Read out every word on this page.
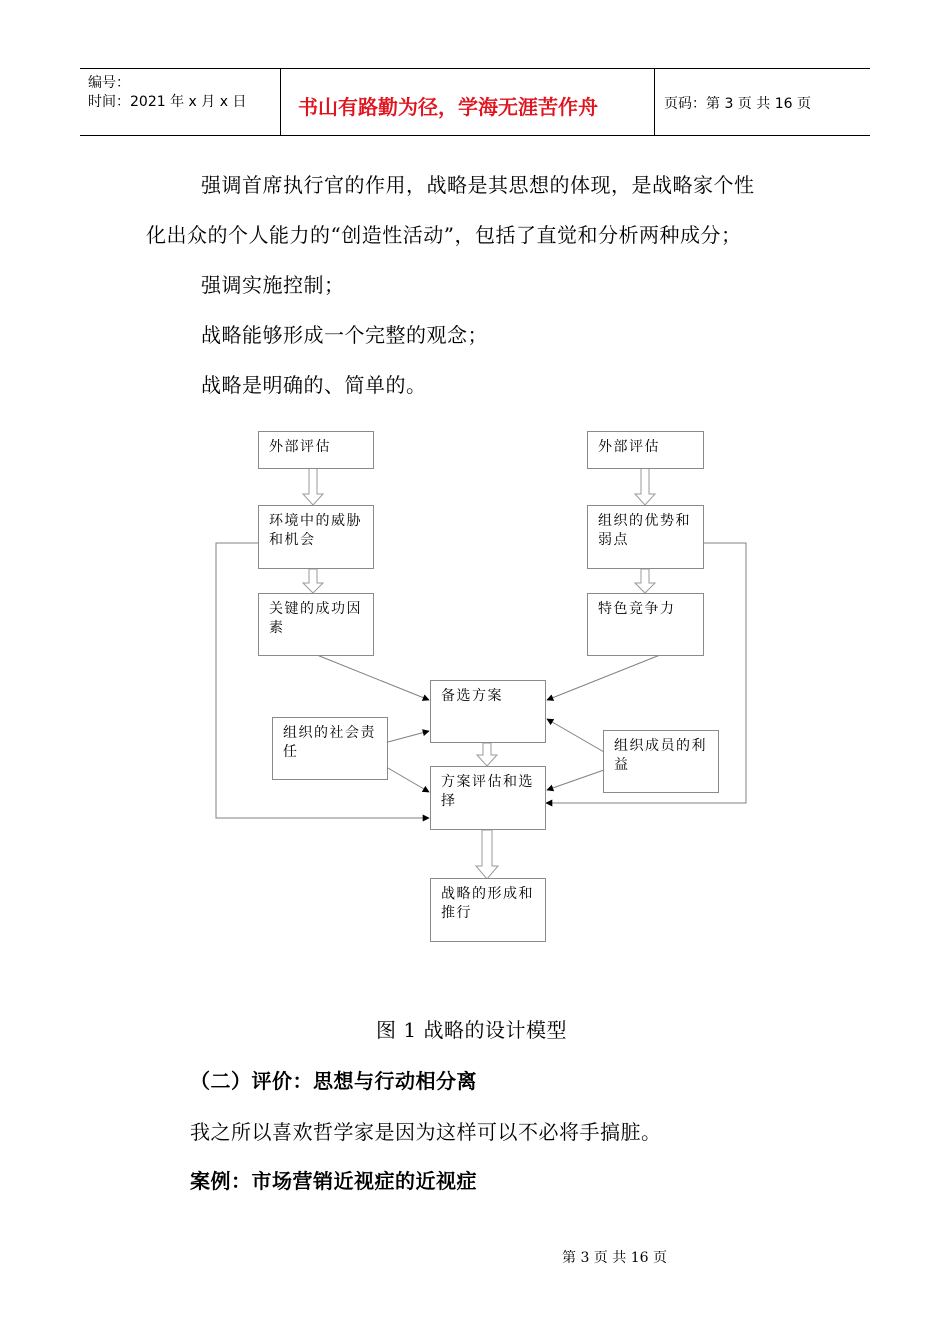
编号：
时间：2021 年 x 月 x 日	书山有路勤为径，学海无涯苦作舟	页码：第 3 页 共 16 页
强调首席执行官的作用，战略是其思想的体现，是战略家个性
化出众的个人能力的“创造性活动”，包括了直觉和分析两种成分；
强调实施控制；
战略能够形成一个完整的观念；
战略是明确的、简单的。
外部评估	外部评估
环境中的威胁和机会
组织的优势和弱点
关键的成功因素
特色竞争力
备选方案
组织的社会责任	组织成员的利益
方案评估和选择
战略的形成和推行
图 1 战略的设计模型
（二）评价：思想与行动相分离
我之所以喜欢哲学家是因为这样可以不必将手搞脏。
案例：市场营销近视症的近视症
第 3 页 共 16 页
